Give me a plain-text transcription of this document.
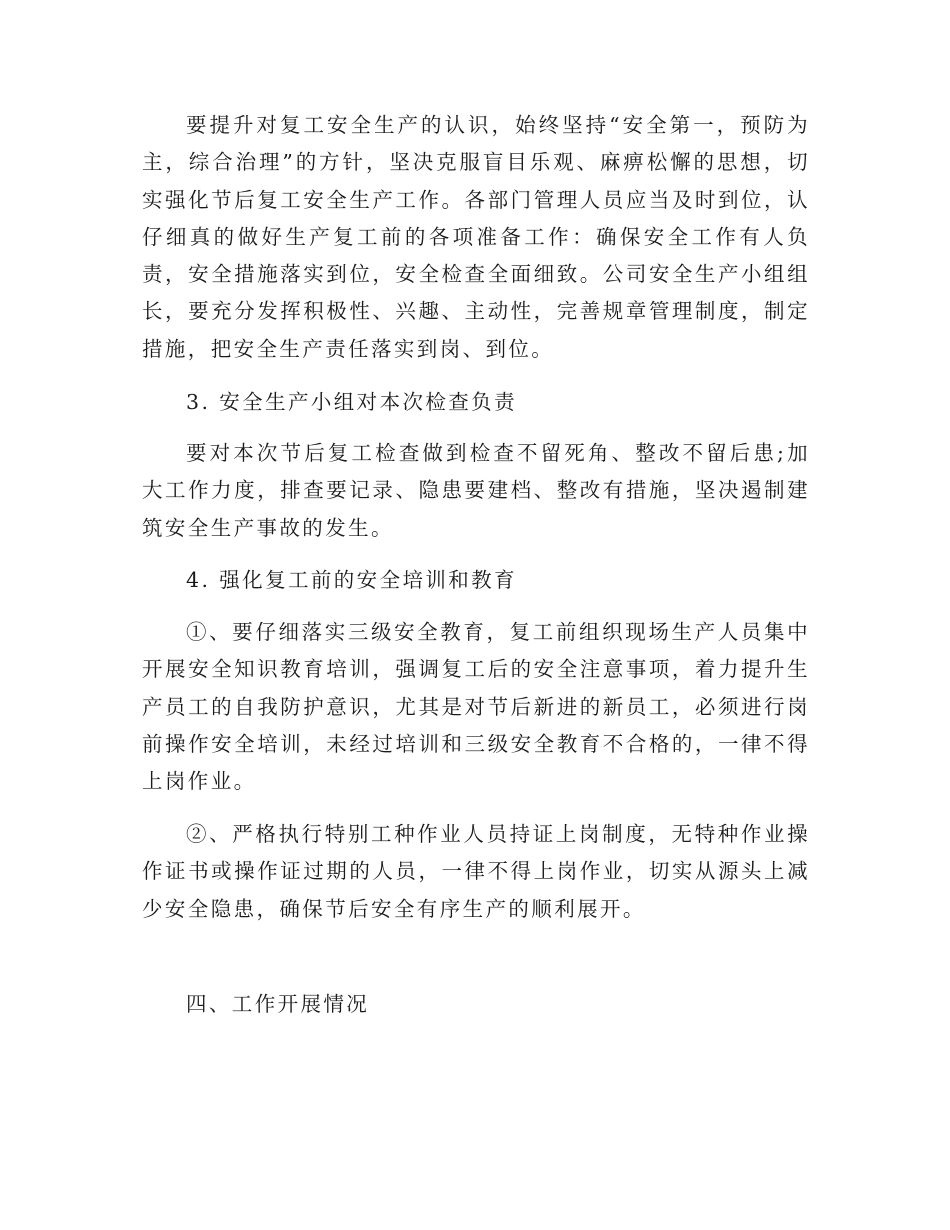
要提升对复工安全生产的认识，始终坚持“安全第一，预防为主，综合治理”的方针，坚决克服盲目乐观、麻痹松懈的思想，切实强化节后复工安全生产工作。各部门管理人员应当及时到位，认仔细真的做好生产复工前的各项准备工作：确保安全工作有人负责，安全措施落实到位，安全检查全面细致。公司安全生产小组组长，要充分发挥积极性、兴趣、主动性，完善规章管理制度，制定措施，把安全生产责任落实到岗、到位。

3. 安全生产小组对本次检查负责

要对本次节后复工检查做到检查不留死角、整改不留后患;加大工作力度，排查要记录、隐患要建档、整改有措施，坚决遏制建筑安全生产事故的发生。

4. 强化复工前的安全培训和教育

①、要仔细落实三级安全教育，复工前组织现场生产人员集中开展安全知识教育培训，强调复工后的安全注意事项，着力提升生产员工的自我防护意识，尤其是对节后新进的新员工，必须进行岗前操作安全培训，未经过培训和三级安全教育不合格的，一律不得上岗作业。

②、严格执行特别工种作业人员持证上岗制度，无特种作业操作证书或操作证过期的人员，一律不得上岗作业，切实从源头上减少安全隐患，确保节后安全有序生产的顺利展开。

四、工作开展情况
